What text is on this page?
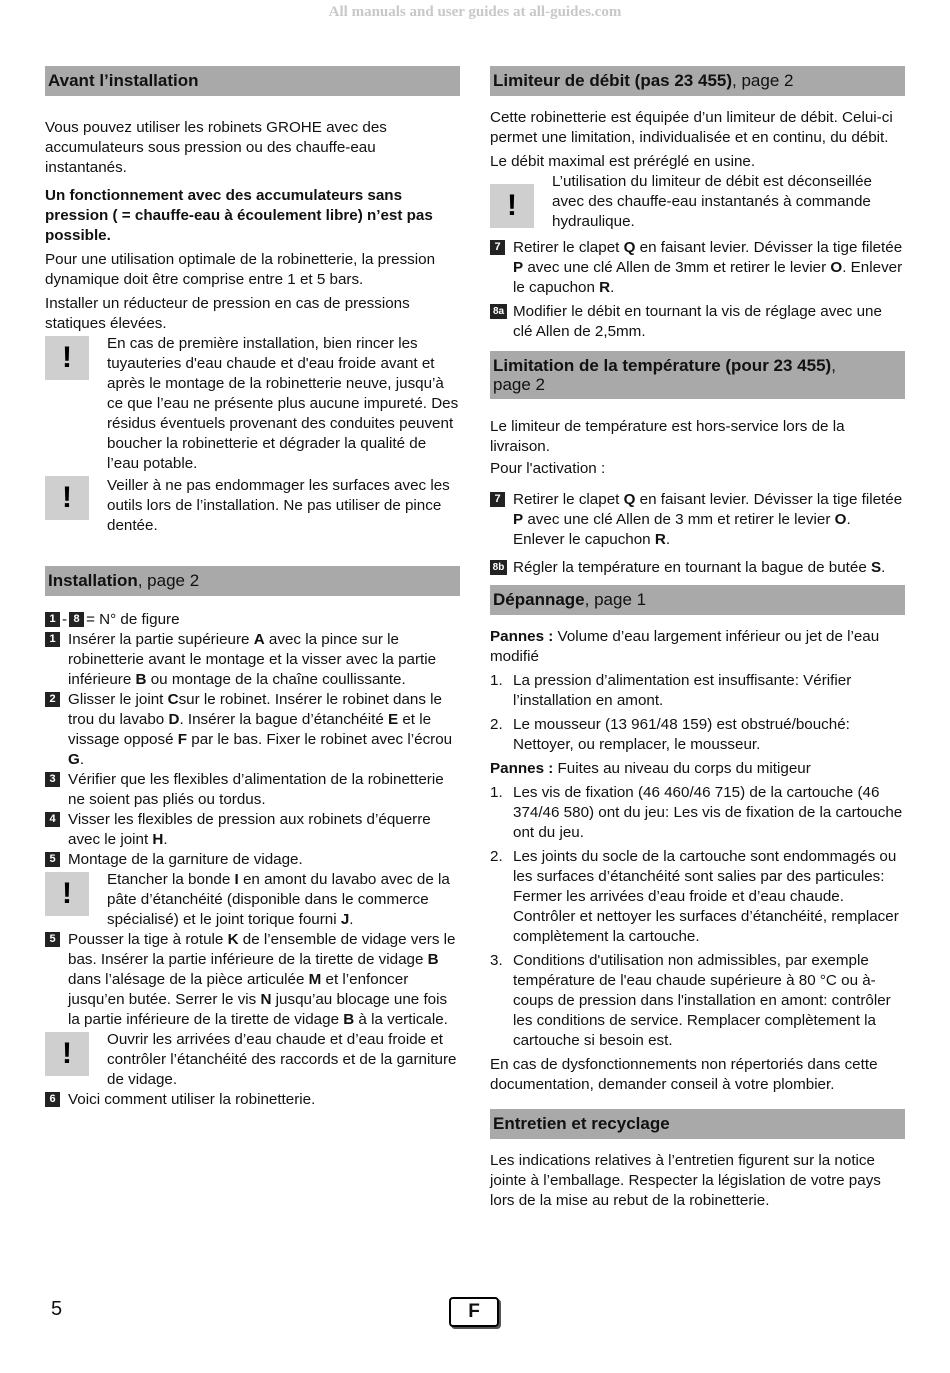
All manuals and user guides at all-guides.com
Avant l’installation

Vous pouvez utiliser les robinets GROHE avec des accumulateurs sous pression ou des chauffe-eau instantanés.

Un fonctionnement avec des accumulateurs sans pression ( = chauffe-eau à écoulement libre) n’est pas possible.

Pour une utilisation optimale de la robinetterie, la pression dynamique doit être comprise entre 1 et 5 bars.

Installer un réducteur de pression en cas de pressions statiques élevées.

!	En cas de première installation, bien rincer les tuyauteries d'eau chaude et d'eau froide avant et après le montage de la robinetterie neuve, jusqu’à ce que l’eau ne présente plus aucune impureté. Des résidus éventuels provenant des conduites peuvent boucher la robinetterie et dégrader la qualité de l’eau potable.

!	Veiller à ne pas endommager les surfaces avec les outils lors de l’installation. Ne pas utiliser de pince dentée.

Installation, page 2
1 - 8 = N° de figure
1 Insérer la partie supérieure A avec la pince sur le robinetterie avant le montage et la visser avec la partie inférieure B ou montage de la chaîne coullissante.

2 Glisser le joint Csur le robinet. Insérer le robinet dans le trou du lavabo D. Insérer la bague d’étanchéité E et le vissage opposé F par le bas. Fixer le robinet avec l’écrou G.

3 Vérifier que les flexibles d’alimentation de la robinetterie ne soient pas pliés ou tordus.

4 Visser les flexibles de pression aux robinets d’équerre avec le joint H.

5 Montage de la garniture de vidage.

!	Etancher la bonde I en amont du lavabo avec de la pâte d’étanchéité (disponible dans le commerce spécialisé) et le joint torique fourni J.

5 Pousser la tige à rotule K de l’ensemble de vidage vers le bas. Insérer la partie inférieure de la tirette de vidage B dans l’alésage de la pièce articulée M et l’enfoncer jusqu’en butée. Serrer le vis N jusqu’au blocage une fois la partie inférieure de la tirette de vidage B à la verticale.

!	Ouvrir les arrivées d’eau chaude et d’eau froide et contrôler l’étanchéité des raccords et de la garniture de vidage.

6 Voici comment utiliser la robinetterie.

Limiteur de débit (pas 23 455), page 2

Cette robinetterie est équipée d’un limiteur de débit. Celui-ci permet une limitation, individualisée et en continu, du débit.

Le débit maximal est préréglé en usine.

!

L’utilisation du limiteur de débit est déconseillée avec des chauffe-eau instantanés à commande hydraulique.

7 Retirer le clapet Q en faisant levier. Dévisser la tige filetée P avec une clé Allen de 3mm et retirer le levier O. Enlever le capuchon R.

8a Modifier le débit en tournant la vis de réglage avec une clé Allen de 2,5mm.

Limitation de la température (pour 23 455),
page 2

Le limiteur de température est hors-service lors de la livraison.

Pour l'activation :

7 Retirer le clapet Q en faisant levier. Dévisser la tige filetée P avec une clé Allen de 3 mm et retirer le levier O. Enlever le capuchon R.

8b Régler la température en tournant la bague de butée S.

Dépannage, page 1

Pannes : Volume d’eau largement inférieur ou jet de l’eau modifié

1. La pression d’alimentation est insuffisante: Vérifier l’installation en amont.

2. Le mousseur (13 961/48 159) est obstrué/bouché: Nettoyer, ou remplacer, le mousseur.

Pannes : Fuites au niveau du corps du mitigeur

1. Les vis de fixation (46 460/46 715) de la cartouche (46 374/46 580) ont du jeu: Les vis de fixation de la cartouche ont du jeu.

2. Les joints du socle de la cartouche sont endommagés ou les surfaces d’étanchéité sont salies par des particules: Fermer les arrivées d’eau froide et d’eau chaude. Contrôler et nettoyer les surfaces d’étanchéité, remplacer complètement la cartouche.

3. Conditions d'utilisation non admissibles, par exemple température de l'eau chaude supérieure à 80 °C ou à-coups de pression dans l'installation en amont: contrôler les conditions de service. Remplacer complètement la cartouche si besoin est.

En cas de dysfonctionnements non répertoriés dans cette documentation, demander conseil à votre plombier.

Entretien et recyclage

Les indications relatives à l’entretien figurent sur la notice jointe à l’emballage. Respecter la législation de votre pays lors de la mise au rebut de la robinetterie.

5	F
